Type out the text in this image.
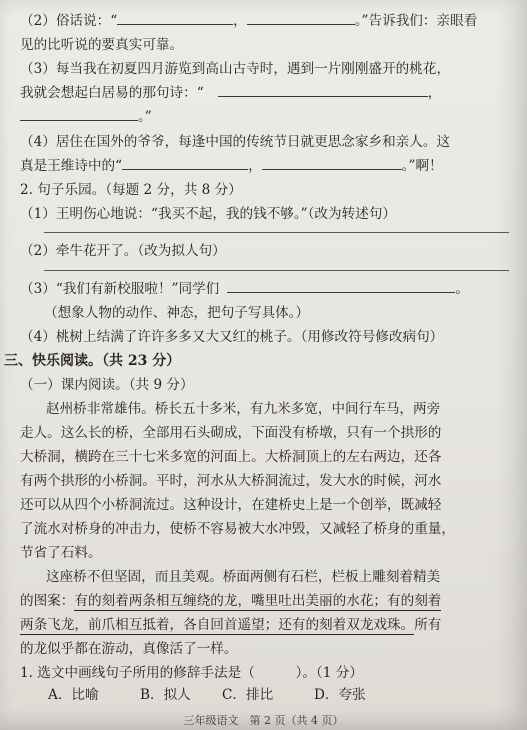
（2）俗话说：“	，	。”告诉我们：亲眼看
见的比听说的要真实可靠。
（3）每当我在初夏四月游览到高山古寺时，遇到一片刚刚盛开的桃花，
我就会想起白居易的那句诗：“	，
。”
（4）居住在国外的爷爷，每逢中国的传统节日就更思念家乡和亲人。这
真是王维诗中的“	，	。”啊！
2. 句子乐园。（每题 2 分，共 8 分）
（1）王明伤心地说：“我买不起，我的钱不够。”（改为转述句）
（2）牵牛花开了。（改为拟人句）
（3）“我们有新校服啦！”同学们	。
（想象人物的动作、神态，把句子写具体。）
（4）桃树上结满了许许多多又大又红的桃子。（用修改符号修改病句）
三、快乐阅读。（共 23 分）
（一）课内阅读。（共 9 分）
赵州桥非常雄伟。桥长五十多米，有九米多宽，中间行车马，两旁
走人。这么长的桥，全部用石头砌成，下面没有桥墩，只有一个拱形的
大桥洞，横跨在三十七米多宽的河面上。大桥洞顶上的左右两边，还各
有两个拱形的小桥洞。平时，河水从大桥洞流过，发大水的时候，河水
还可以从四个小桥洞流过。这种设计，在建桥史上是一个创举，既减轻
了流水对桥身的冲击力，使桥不容易被大水冲毁，又减轻了桥身的重量，
节省了石料。
这座桥不但坚固，而且美观。桥面两侧有石栏，栏板上雕刻着精美
的图案：有的刻着两条相互缠绕的龙，嘴里吐出美丽的水花；有的刻着
两条飞龙，前爪相互抵着，各自回首遥望；还有的刻着双龙戏珠。所有
的龙似乎都在游动，真像活了一样。
1. 选文中画线句子所用的修辞手法是（　　　）。（1 分）
A．比喻	B．拟人 C．排比	D．夸张
三年级语文　第 2 页（共 4 页）
